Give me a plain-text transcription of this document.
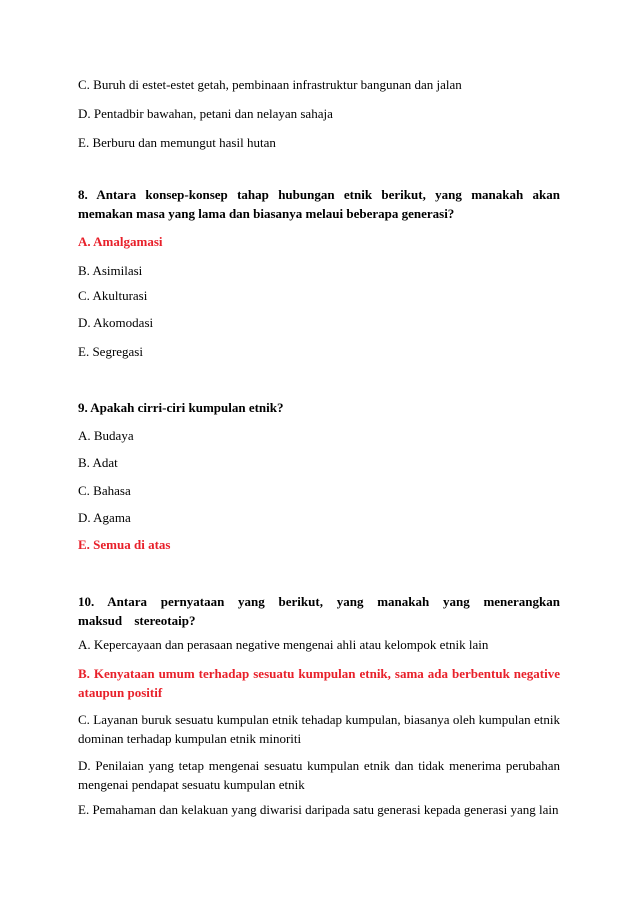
C. Buruh di estet-estet getah, pembinaan infrastruktur bangunan dan jalan
D. Pentadbir bawahan, petani dan nelayan sahaja
E. Berburu dan memungut hasil hutan
8. Antara konsep-konsep tahap hubungan etnik berikut, yang manakah akan memakan masa yang lama dan biasanya melaui beberapa generasi?
A. Amalgamasi
B. Asimilasi
C. Akulturasi
D. Akomodasi
E. Segregasi
9. Apakah cirri-ciri kumpulan etnik?
A. Budaya
B. Adat
C. Bahasa
D. Agama
E. Semua di atas
10. Antara pernyataan yang berikut, yang manakah yang menerangkan maksud stereotaip?
A. Kepercayaan dan perasaan negative mengenai ahli atau kelompok etnik lain
B. Kenyataan umum terhadap sesuatu kumpulan etnik, sama ada berbentuk negative ataupun positif
C. Layanan buruk sesuatu kumpulan etnik tehadap kumpulan, biasanya oleh kumpulan etnik dominan terhadap kumpulan etnik minoriti
D. Penilaian yang tetap mengenai sesuatu kumpulan etnik dan tidak menerima perubahan mengenai pendapat sesuatu kumpulan etnik
E. Pemahaman dan kelakuan yang diwarisi daripada satu generasi kepada generasi yang lain
